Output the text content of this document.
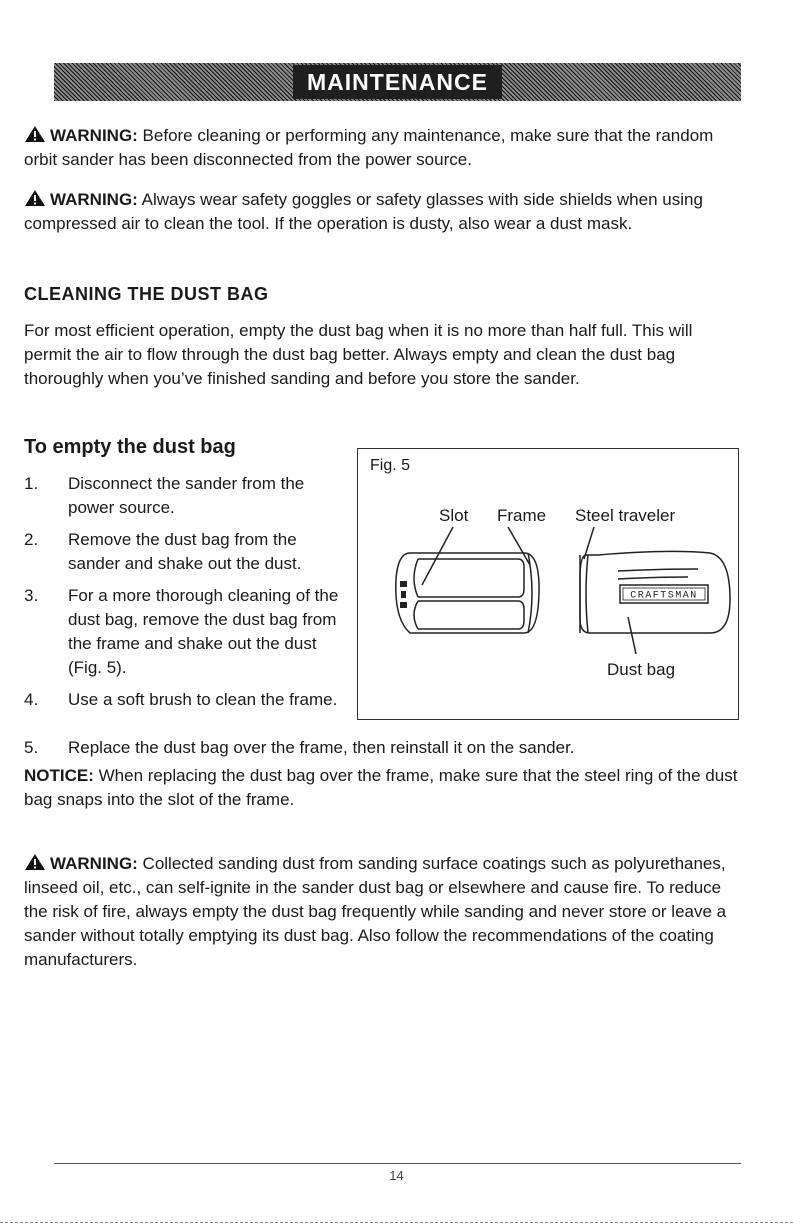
MAINTENANCE

WARNING: Before cleaning or performing any maintenance, make sure that the random orbit sander has been disconnected from the power source.

WARNING: Always wear safety goggles or safety glasses with side shields when using compressed air to clean the tool. If the operation is dusty, also wear a dust mask.

CLEANING THE DUST BAG

For most efficient operation, empty the dust bag when it is no more than half full. This will permit the air to flow through the dust bag better. Always empty and clean the dust bag thoroughly when you’ve finished sanding and before you store the sander.

To empty the dust bag
1. Disconnect the sander from the power source.
2. Remove the dust bag from the sander and shake out the dust.
3. For a more thorough cleaning of the dust bag, remove the dust bag from the frame and shake out the dust (Fig. 5).
4. Use a soft brush to clean the frame.
5. Replace the dust bag over the frame, then reinstall it on the sander.
Fig. 5
Slot Frame Steel traveler
Dust bag
CRAFTSMAN

NOTICE: When replacing the dust bag over the frame, make sure that the steel ring of the dust bag snaps into the slot of the frame.

WARNING: Collected sanding dust from sanding surface coatings such as polyurethanes, linseed oil, etc., can self-ignite in the sander dust bag or elsewhere and cause fire. To reduce the risk of fire, always empty the dust bag frequently while sanding and never store or leave a sander without totally emptying its dust bag. Also follow the recommendations of the coating manufacturers.

14
